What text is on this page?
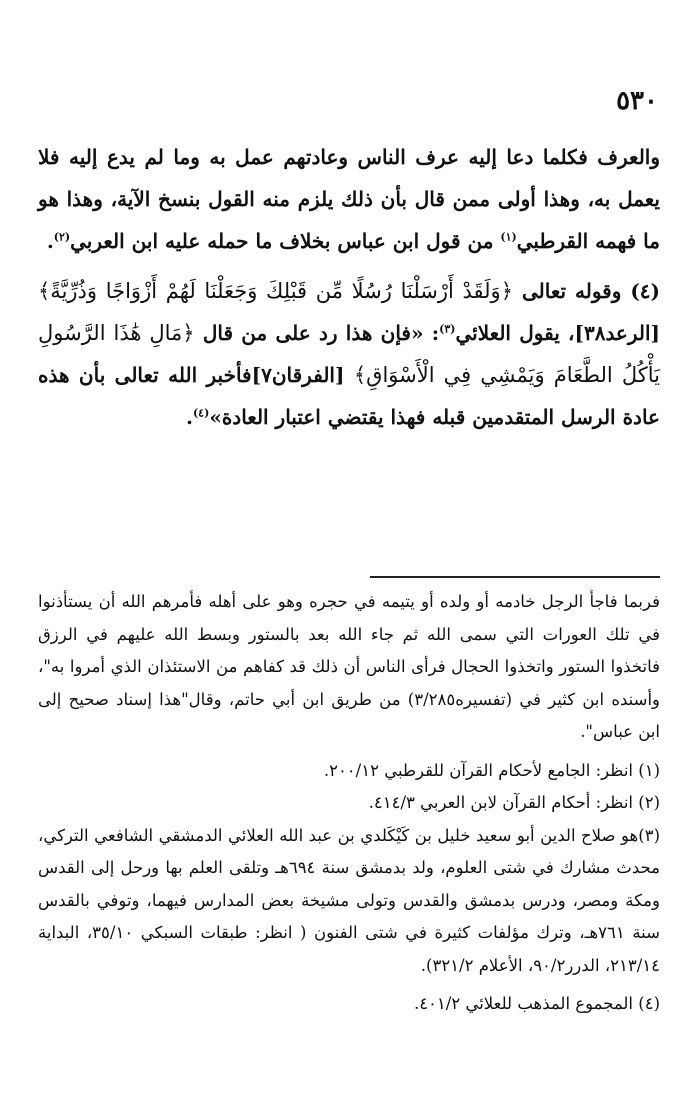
٥٣٠

والعرف فكلما دعا إليه عرف الناس وعادتهم عمل به وما لم يدع إليه فلا يعمل به، وهذا أولى ممن قال بأن ذلك يلزم منه القول بنسخ الآية، وهذا هو ما فهمه القرطبي$^{(١)}$ من قول ابن عباس بخلاف ما حمله عليه ابن العربي$^{(٢)}$.

(٤) وقوله تعالى ﴿وَلَقَدْ أَرْسَلْنَا رُسُلًا مِّن قَبْلِكَ وَجَعَلْنَا لَهُمْ أَزْوَاجًا وَذُرِّيَّةً﴾ [الرعد٣٨]، يقول العلائي$^{(٣)}$: «فإن هذا رد على من قال ﴿مَالِ هَٰذَا الرَّسُولِ يَأْكُلُ الطَّعَامَ وَيَمْشِي فِي الْأَسْوَاقِ﴾ [الفرقان٧]فأخبر الله تعالى بأن هذه عادة الرسل المتقدمين قبله فهذا يقتضي اعتبار العادة»$^{(٤)}$.

فربما فاجأ الرجل خادمه أو ولده أو يتيمه في حجره وهو على أهله فأمرهم الله أن يستأذنوا في تلك العورات التي سمى الله ثم جاء الله بعد بالستور وبسط الله عليهم في الرزق فاتخذوا الستور واتخذوا الحجال فرأى الناس أن ذلك قد كفاهم من الاستئذان الذي أمروا به"، وأسنده ابن كثير في (تفسيره٣/٢٨٥) من طريق ابن أبي حاتم، وقال"هذا إسناد صحيح إلى ابن عباس".

(١) انظر: الجامع لأحكام القرآن للقرطبي ٢٠٠/١٢.

(٢) انظر: أحكام القرآن لابن العربي ٤١٤/٣.

(٣)هو صلاح الدين أبو سعيد خليل بن كَيْكَلدي بن عبد الله العلائي الدمشقي الشافعي التركي، محدث مشارك في شتى العلوم، ولد بدمشق سنة ٦٩٤هـ وتلقى العلم بها ورحل إلى القدس ومكة ومصر، ودرس بدمشق والقدس وتولى مشيخة بعض المدارس فيهما، وتوفي بالقدس سنة ٧٦١هـ، وترك مؤلفات كثيرة في شتى الفنون ( انظر: طبقات السبكي ٣٥/١٠، البداية ٢١٣/١٤، الدرر٩٠/٢، الأعلام ٣٢١/٢).

(٤) المجموع المذهب للعلائي ٤٠١/٢.
